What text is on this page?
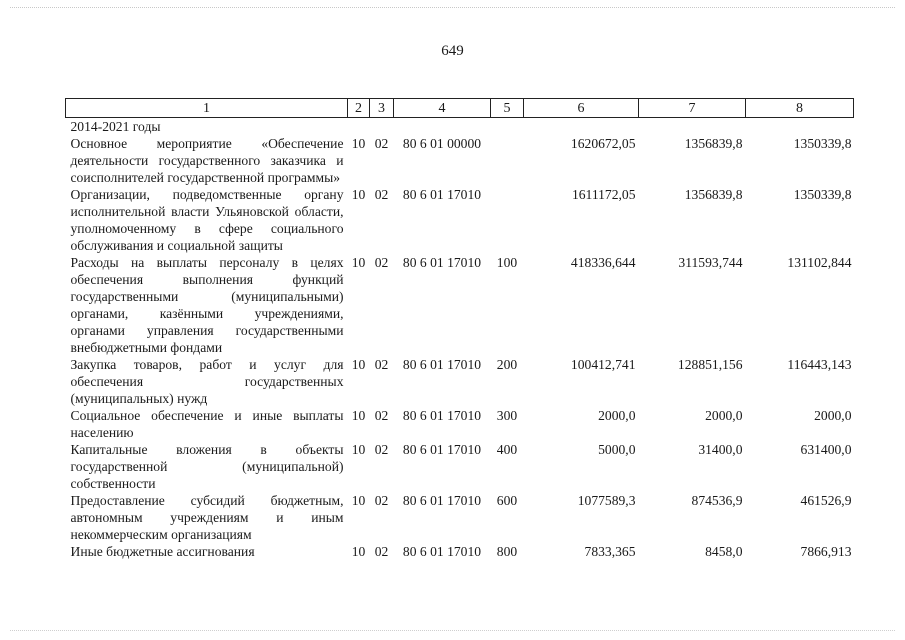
649
1	2	3	4	5	6	7	8
2014-2021 годы							
Основное мероприятие «Обеспечение деятельности государственного заказчика и соисполнителей государственной программы»	10	02	80 6 01 00000		1620672,05	1356839,8	1350339,8
Организации, подведомственные органу исполнительной власти Ульяновской области, уполномоченному в сфере социального обслуживания и социальной защиты	10	02	80 6 01 17010		1611172,05	1356839,8	1350339,8
Расходы на выплаты персоналу в целях обеспечения выполнения функций государственными (муниципальными) органами, казёнными учреждениями, органами управления государственными внебюджетными фондами	10	02	80 6 01 17010	100	418336,644	311593,744	131102,844
Закупка товаров, работ и услуг для обеспечения государственных (муниципальных) нужд	10	02	80 6 01 17010	200	100412,741	128851,156	116443,143
Социальное обеспечение и иные выплаты населению	10	02	80 6 01 17010	300	2000,0	2000,0	2000,0
Капитальные вложения в объекты государственной (муниципальной) собственности	10	02	80 6 01 17010	400	5000,0	31400,0	631400,0
Предоставление субсидий бюджетным, автономным учреждениям и иным некоммерческим организациям	10	02	80 6 01 17010	600	1077589,3	874536,9	461526,9
Иные бюджетные ассигнования	10	02	80 6 01 17010	800	7833,365	8458,0	7866,913
